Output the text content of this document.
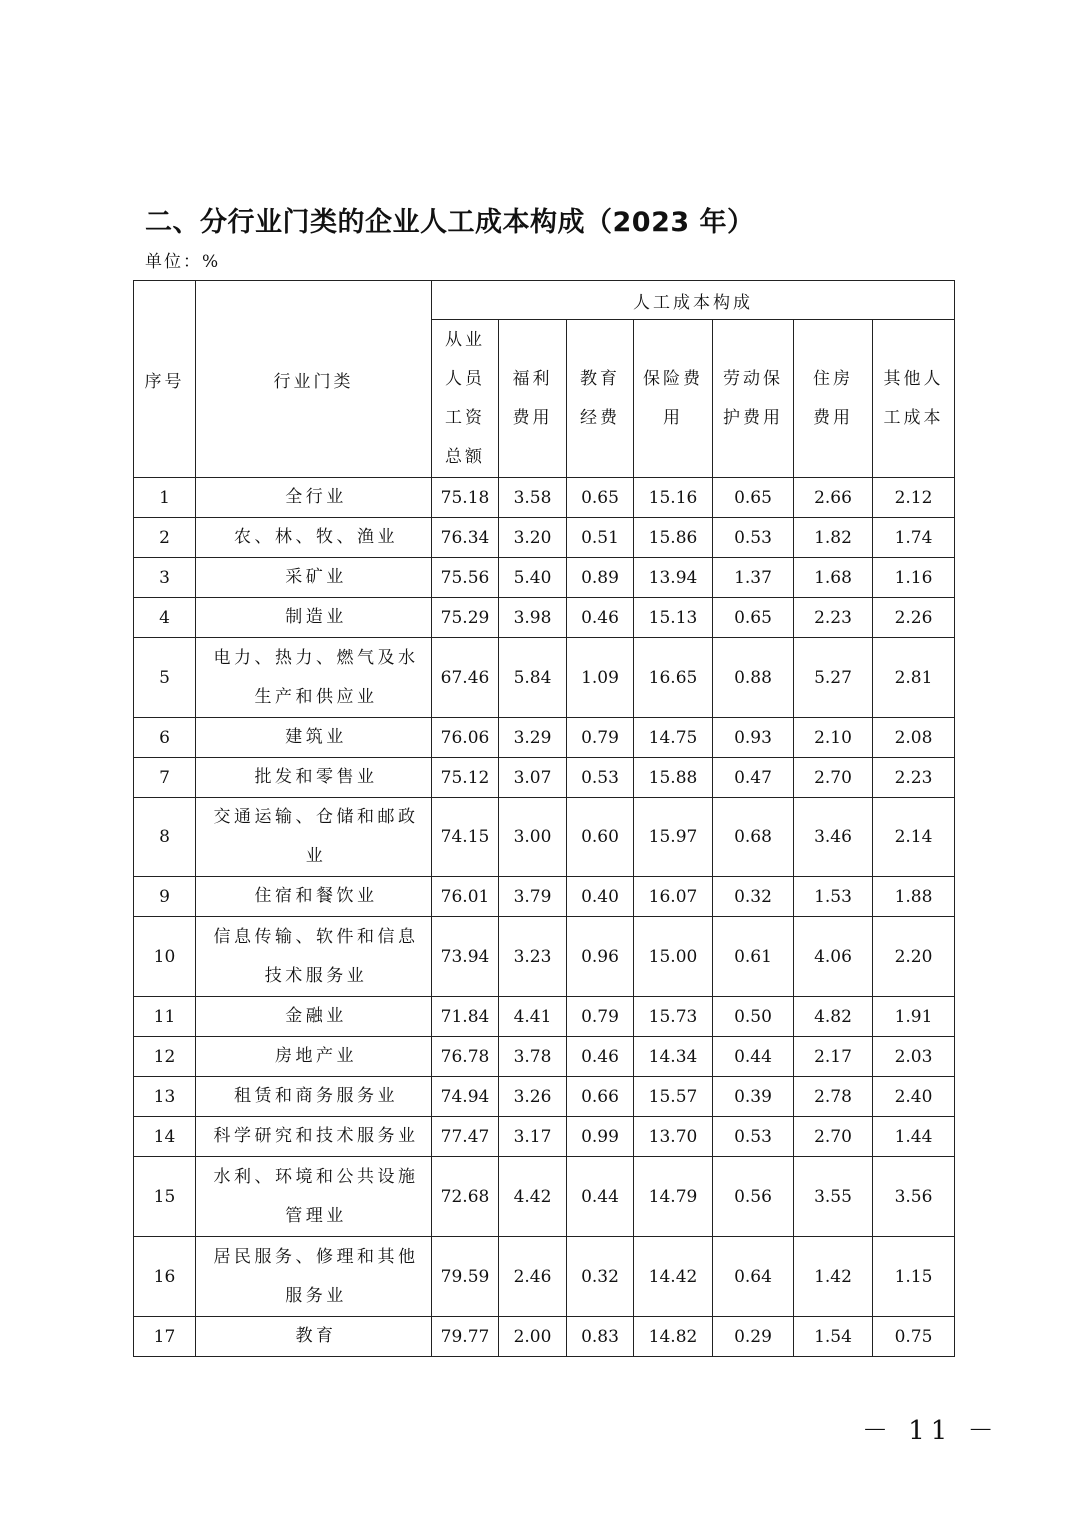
二、分行业门类的企业人工成本构成（2023 年）
单位：%
序号	行业门类	人工成本构成						
		从业人员工资总额	福利费用	教育经费	保险费用	劳动保护费用	住房费用	其他人工成本
1	全行业	75.18	3.58	0.65	15.16	0.65	2.66	2.12
2	农、林、牧、渔业	76.34	3.20	0.51	15.86	0.53	1.82	1.74
3	采矿业	75.56	5.40	0.89	13.94	1.37	1.68	1.16
4	制造业	75.29	3.98	0.46	15.13	0.65	2.23	2.26
5	电力、热力、燃气及水生产和供应业	67.46	5.84	1.09	16.65	0.88	5.27	2.81
6	建筑业	76.06	3.29	0.79	14.75	0.93	2.10	2.08
7	批发和零售业	75.12	3.07	0.53	15.88	0.47	2.70	2.23
8	交通运输、仓储和邮政业	74.15	3.00	0.60	15.97	0.68	3.46	2.14
9	住宿和餐饮业	76.01	3.79	0.40	16.07	0.32	1.53	1.88
10	信息传输、软件和信息技术服务业	73.94	3.23	0.96	15.00	0.61	4.06	2.20
11	金融业	71.84	4.41	0.79	15.73	0.50	4.82	1.91
12	房地产业	76.78	3.78	0.46	14.34	0.44	2.17	2.03
13	租赁和商务服务业	74.94	3.26	0.66	15.57	0.39	2.78	2.40
14	科学研究和技术服务业	77.47	3.17	0.99	13.70	0.53	2.70	1.44
15	水利、环境和公共设施管理业	72.68	4.42	0.44	14.79	0.56	3.55	3.56
16	居民服务、修理和其他服务业	79.59	2.46	0.32	14.42	0.64	1.42	1.15
17	教育	79.77	2.00	0.83	14.82	0.29	1.54	0.75
－ 11 －
